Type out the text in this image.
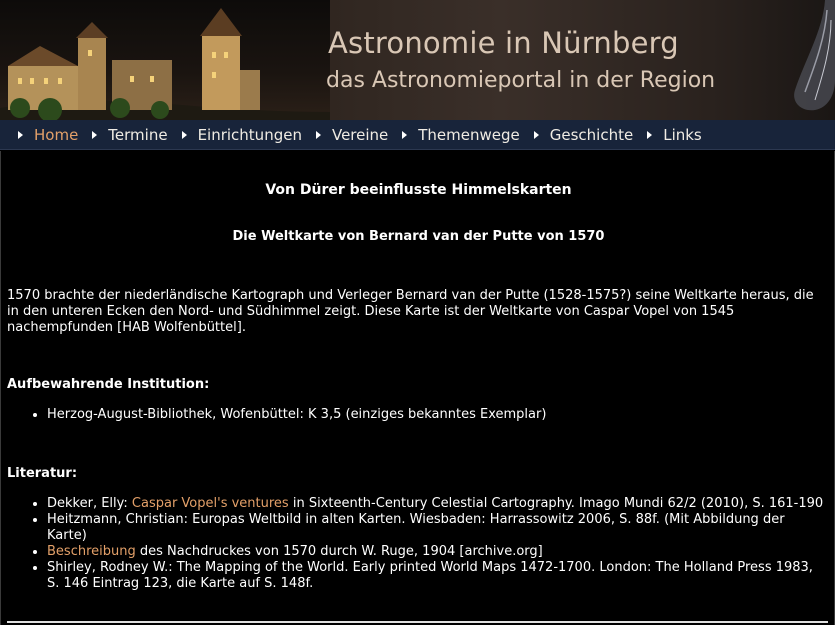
Astronomie in Nürnberg
das Astronomieportal in der Region
Home Termine Einrichtungen Vereine Themenwege Geschichte Links
Von Dürer beeinflusste Himmelskarten
Die Weltkarte von Bernard van der Putte von 1570

1570 brachte der niederländische Kartograph und Verleger Bernard van der Putte (1528-1575?) seine Weltkarte heraus, die in den unteren Ecken den Nord- und Südhimmel zeigt. Diese Karte ist der Weltkarte von Caspar Vopel von 1545 nachempfunden [HAB Wolfenbüttel].

Aufbewahrende Institution:
• Herzog-August-Bibliothek, Wofenbüttel: K 3,5 (einziges bekanntes Exemplar)
Literatur:
• Dekker, Elly: Caspar Vopel's ventures in Sixteenth-Century Celestial Cartography. Imago Mundi 62/2 (2010), S. 161-190
• Heitzmann, Christian: Europas Weltbild in alten Karten. Wiesbaden: Harrassowitz 2006, S. 88f. (Mit Abbildung der Karte)
• Beschreibung des Nachdruckes von 1570 durch W. Ruge, 1904 [archive.org]
• Shirley, Rodney W.: The Mapping of the World. Early printed World Maps 1472-1700. London: The Holland Press 1983, S. 146 Eintrag 123, die Karte auf S. 148f.
